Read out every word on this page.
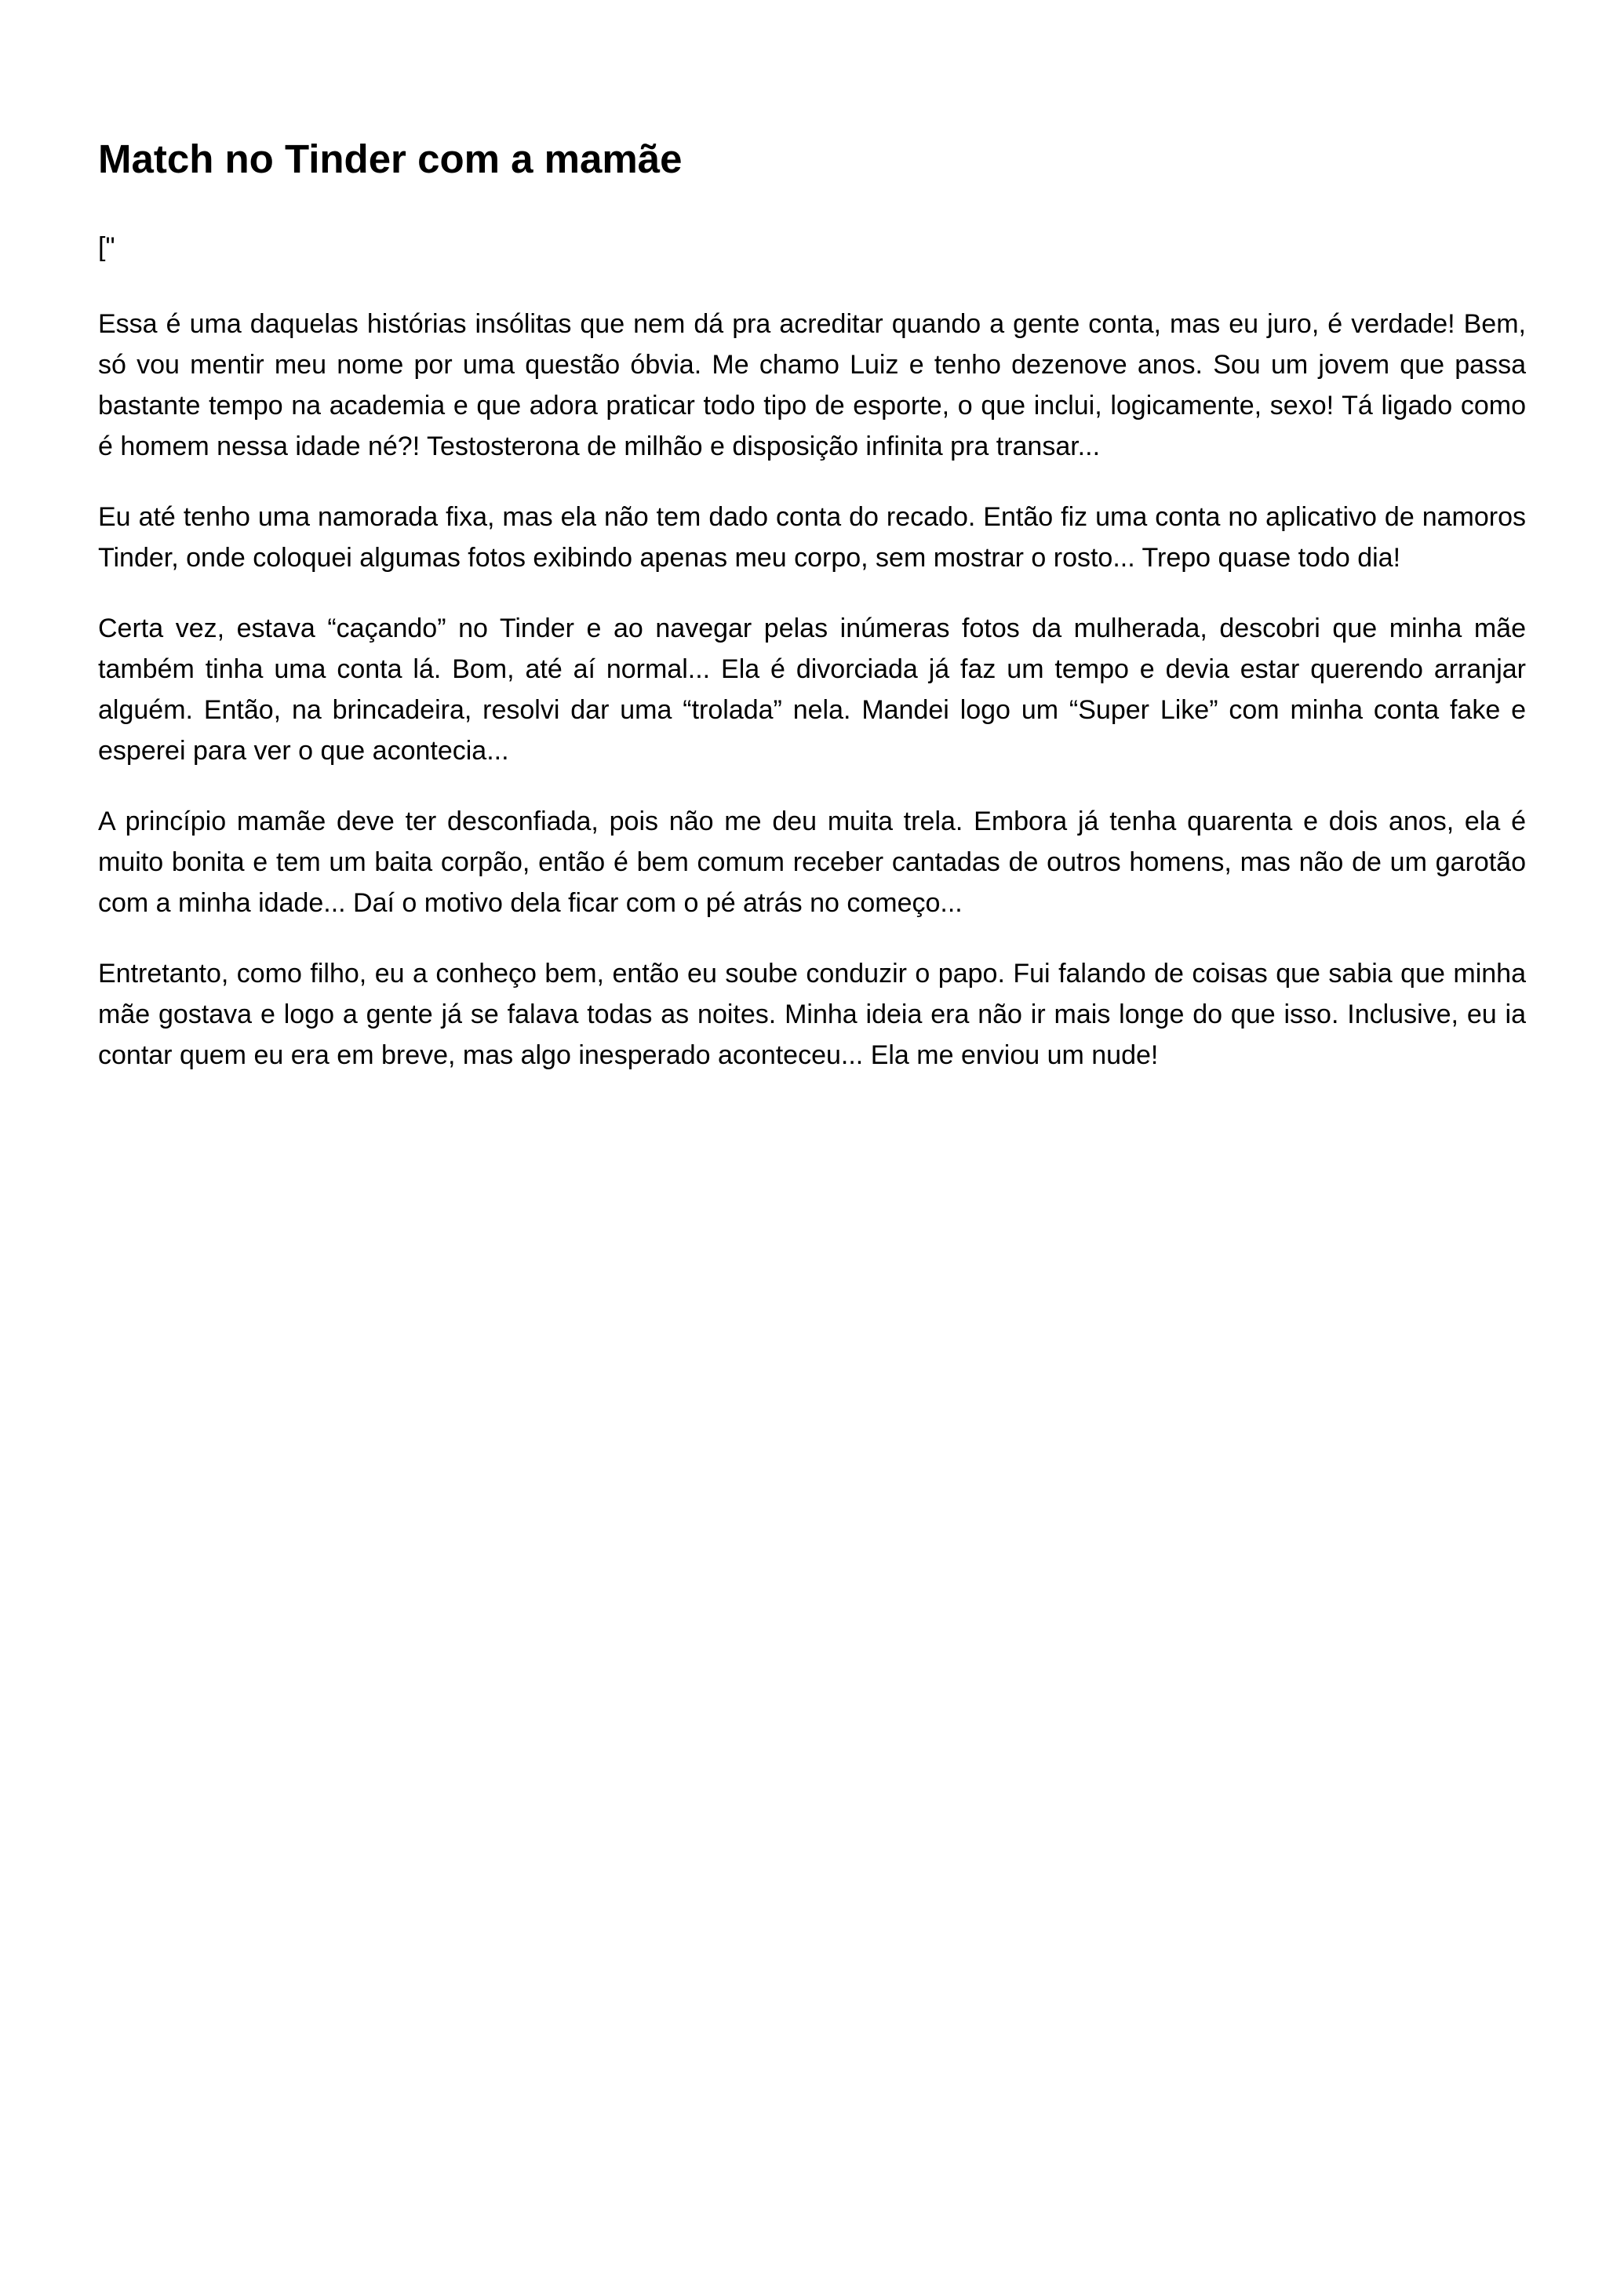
Match no Tinder com a mamãe

["

Essa é uma daquelas histórias insólitas que nem dá pra acreditar quando a gente conta, mas eu juro, é verdade! Bem, só vou mentir meu nome por uma questão óbvia. Me chamo Luiz e tenho dezenove anos. Sou um jovem que passa bastante tempo na academia e que adora praticar todo tipo de esporte, o que inclui, logicamente, sexo! Tá ligado como é homem nessa idade né?! Testosterona de milhão e disposição infinita pra transar...

Eu até tenho uma namorada fixa, mas ela não tem dado conta do recado. Então fiz uma conta no aplicativo de namoros Tinder, onde coloquei algumas fotos exibindo apenas meu corpo, sem mostrar o rosto... Trepo quase todo dia!

Certa vez, estava “caçando” no Tinder e ao navegar pelas inúmeras fotos da mulherada, descobri que minha mãe também tinha uma conta lá. Bom, até aí normal... Ela é divorciada já faz um tempo e devia estar querendo arranjar alguém. Então, na brincadeira, resolvi dar uma “trolada” nela. Mandei logo um “Super Like” com minha conta fake e esperei para ver o que acontecia...

A princípio mamãe deve ter desconfiada, pois não me deu muita trela. Embora já tenha quarenta e dois anos, ela é muito bonita e tem um baita corpão, então é bem comum receber cantadas de outros homens, mas não de um garotão com a minha idade... Daí o motivo dela ficar com o pé atrás no começo...

Entretanto, como filho, eu a conheço bem, então eu soube conduzir o papo. Fui falando de coisas que sabia que minha mãe gostava e logo a gente já se falava todas as noites. Minha ideia era não ir mais longe do que isso. Inclusive, eu ia contar quem eu era em breve, mas algo inesperado aconteceu... Ela me enviou um nude!
